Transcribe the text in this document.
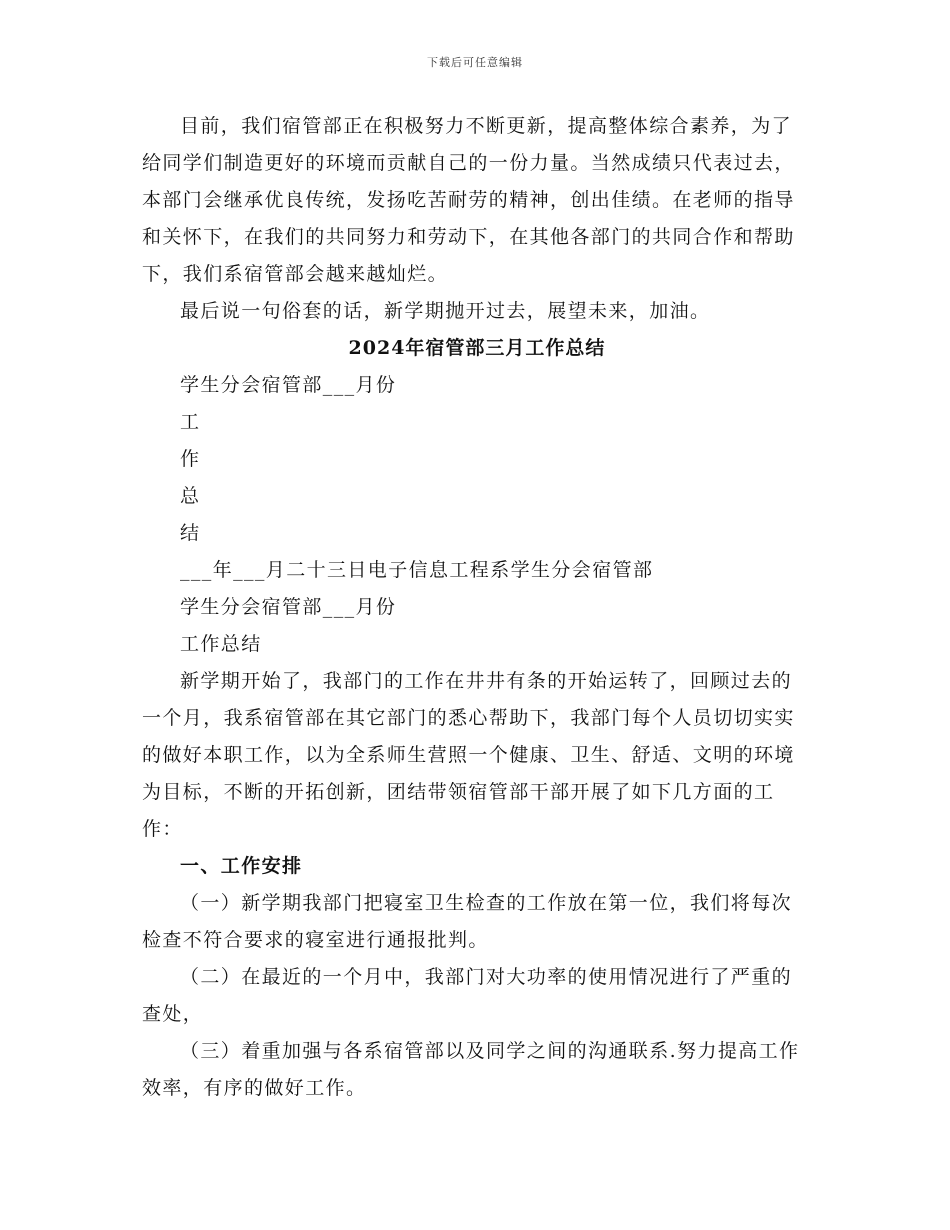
下载后可任意编辑

目前，我们宿管部正在积极努力不断更新，提高整体综合素养，为了给同学们制造更好的环境而贡献自己的一份力量。当然成绩只代表过去，本部门会继承优良传统，发扬吃苦耐劳的精神，创出佳绩。在老师的指导和关怀下，在我们的共同努力和劳动下，在其他各部门的共同合作和帮助下，我们系宿管部会越来越灿烂。

最后说一句俗套的话，新学期抛开过去，展望未来，加油。

2024年宿管部三月工作总结

学生分会宿管部___月份

工

作

总

结

___年___月二十三日电子信息工程系学生分会宿管部

学生分会宿管部___月份

工作总结

新学期开始了，我部门的工作在井井有条的开始运转了，回顾过去的一个月，我系宿管部在其它部门的悉心帮助下，我部门每个人员切切实实的做好本职工作，以为全系师生营照一个健康、卫生、舒适、文明的环境为目标，不断的开拓创新，团结带领宿管部干部开展了如下几方面的工作：

一、工作安排

（一）新学期我部门把寝室卫生检查的工作放在第一位，我们将每次检查不符合要求的寝室进行通报批判。

（二）在最近的一个月中，我部门对大功率的使用情况进行了严重的查处，

（三）着重加强与各系宿管部以及同学之间的沟通联系.努力提高工作效率，有序的做好工作。
